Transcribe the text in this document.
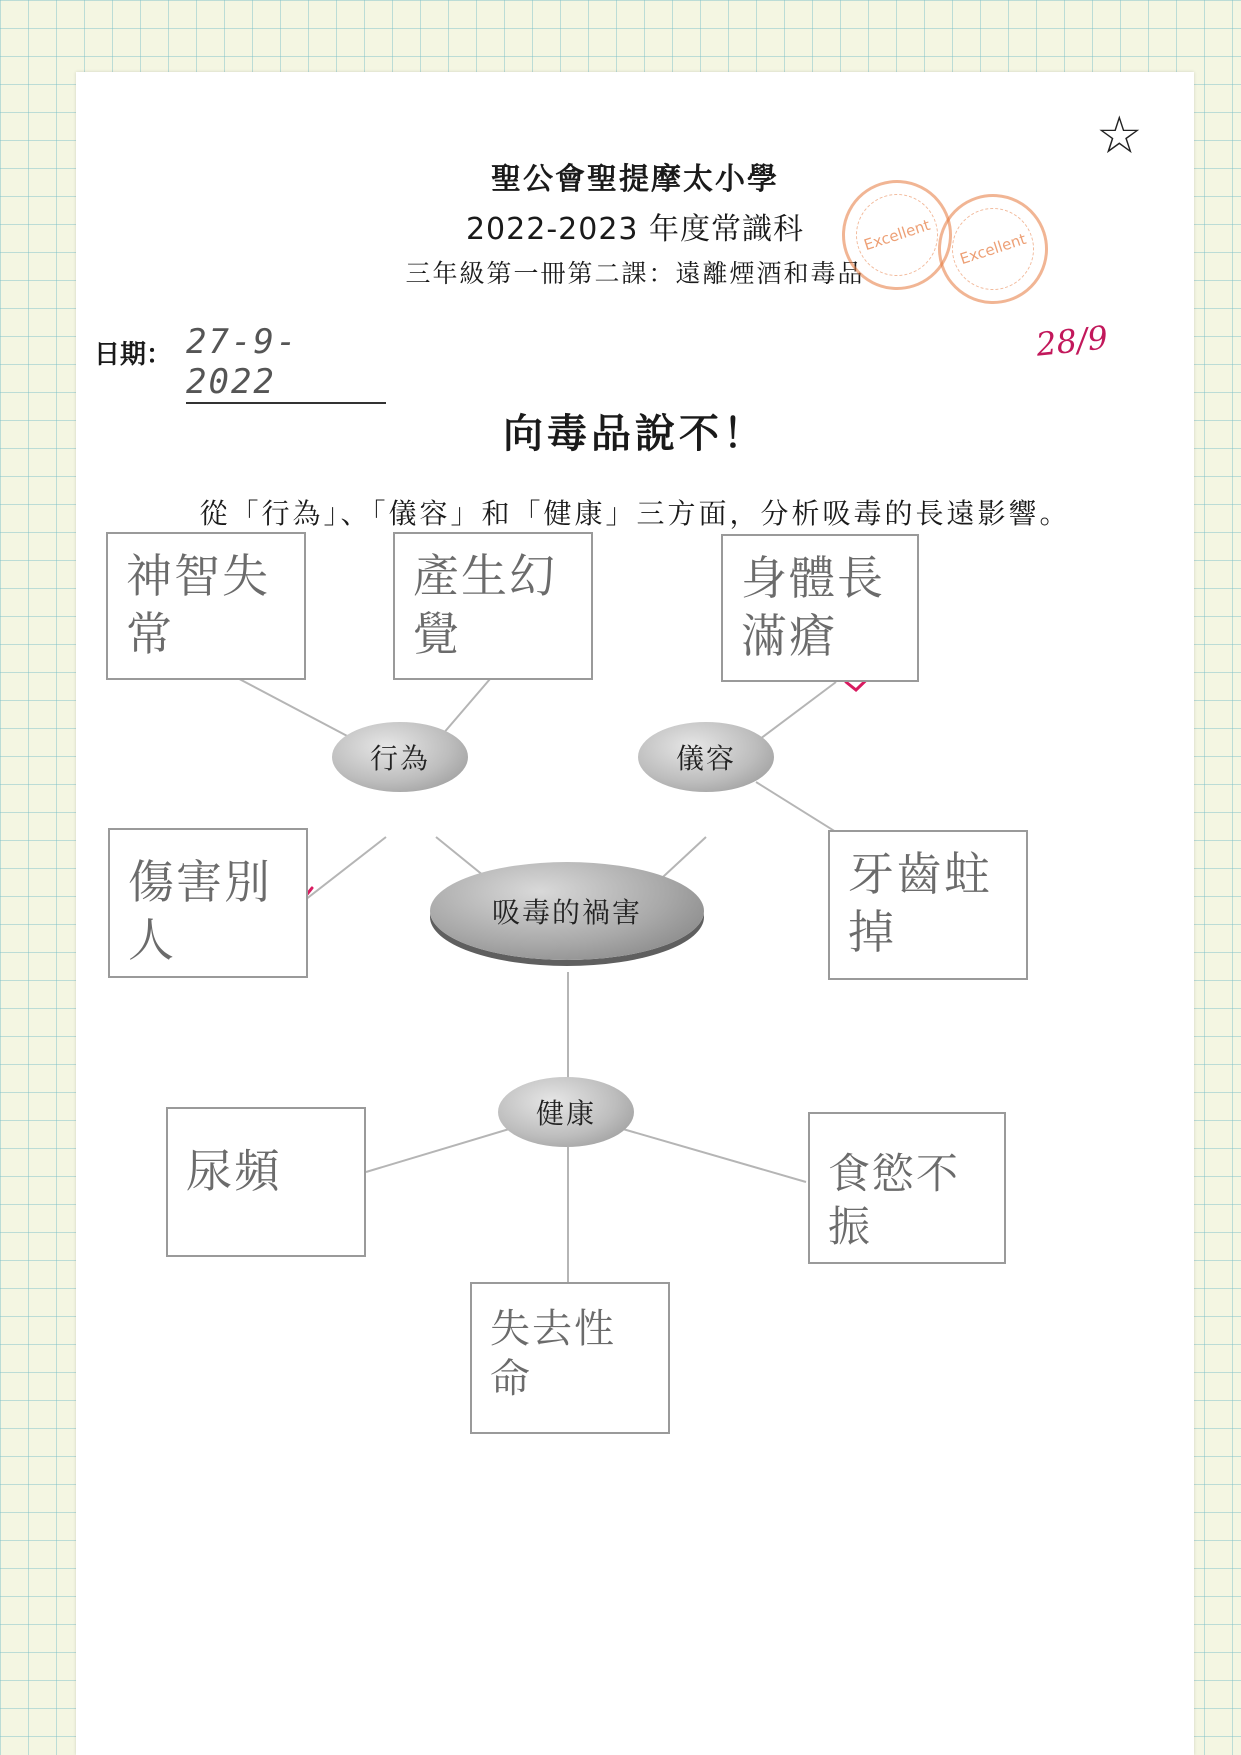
☆
聖公會聖提摩太小學
2022-2023 年度常識科
三年級第一冊第二課：遠離煙酒和毒品
Excellent	Excellent
28/9
日期： 27-9-2022
向毒品說不！
從「行為」、「儀容」和「健康」三方面，分析吸毒的長遠影響。
神智失
常
產生幻
覺
身體長
滿瘡
傷害別人
牙齒蛀
掉
尿頻	食慾不振
失去性命
行為	儀容
健康
吸毒的禍害
